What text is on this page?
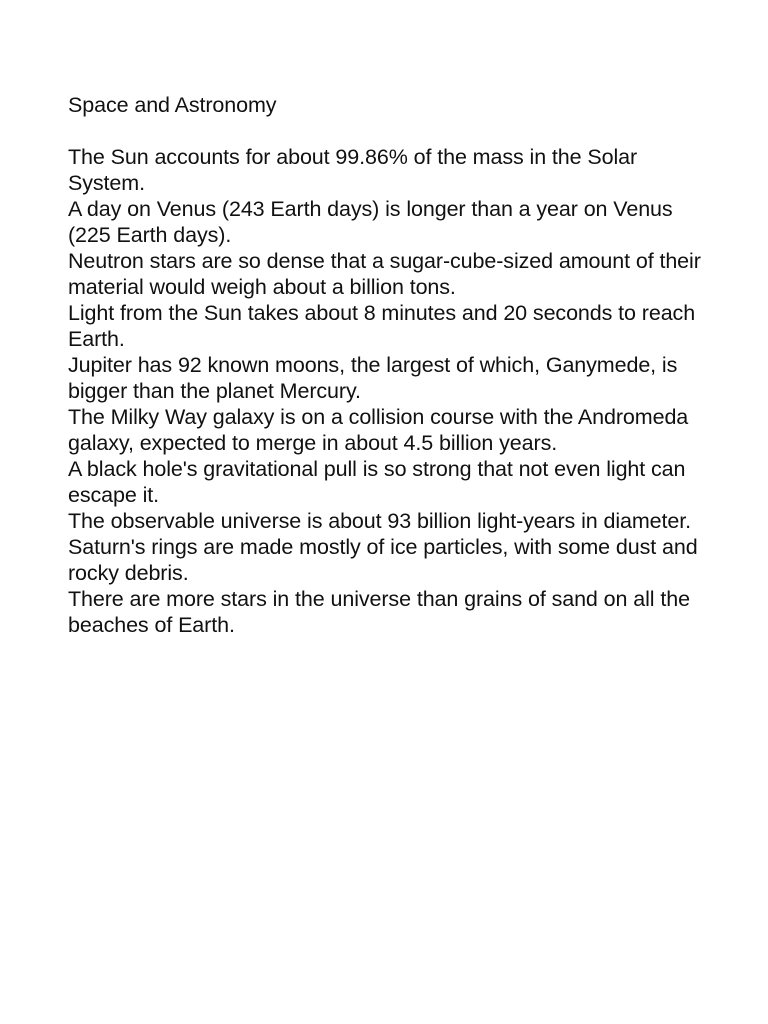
Space and Astronomy
The Sun accounts for about 99.86% of the mass in the Solar System.
A day on Venus (243 Earth days) is longer than a year on Venus (225 Earth days).
Neutron stars are so dense that a sugar-cube-sized amount of their material would weigh about a billion tons.
Light from the Sun takes about 8 minutes and 20 seconds to reach Earth.
Jupiter has 92 known moons, the largest of which, Ganymede, is bigger than the planet Mercury.
The Milky Way galaxy is on a collision course with the Andromeda galaxy, expected to merge in about 4.5 billion years.
A black hole's gravitational pull is so strong that not even light can escape it.
The observable universe is about 93 billion light-years in diameter.
Saturn's rings are made mostly of ice particles, with some dust and rocky debris.
There are more stars in the universe than grains of sand on all the beaches of Earth.
